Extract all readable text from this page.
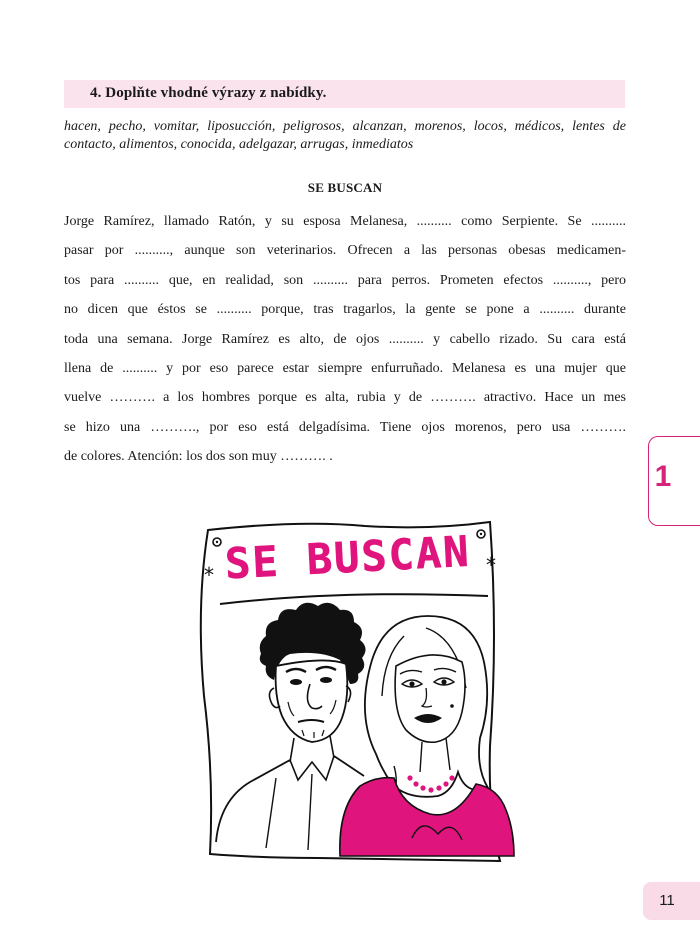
4. Doplňte vhodné výrazy z nabídky.
hacen, pecho, vomitar, liposucción, peligrosos, alcanzan, morenos, locos, médicos, lentes de contacto, alimentos, conocida, adelgazar, arrugas, inmediatos
SE BUSCAN
Jorge Ramírez, llamado Ratón, y su esposa Melanesa, .......... como Serpiente. Se ..........
pasar por .........., aunque son veterinarios. Ofrecen a las personas obesas medicamen-
tos para .......... que, en realidad, son .......... para perros. Prometen efectos .........., pero
no dicen que éstos se .......... porque, tras tragarlos, la gente se pone a .......... durante
toda una semana. Jorge Ramírez es alto, de ojos .......... y cabello rizado. Su cara está
llena de .......... y por eso parece estar siempre enfurruñado. Melanesa es una mujer que
vuelve ………. a los hombres porque es alta, rubia y de ………. atractivo. Hace un mes
se hizo una ………., por eso está delgadísima. Tiene ojos morenos, pero usa ……….
de colores. Atención: los dos son muy ………. .
1
*	*
SE BUSCAN
11
